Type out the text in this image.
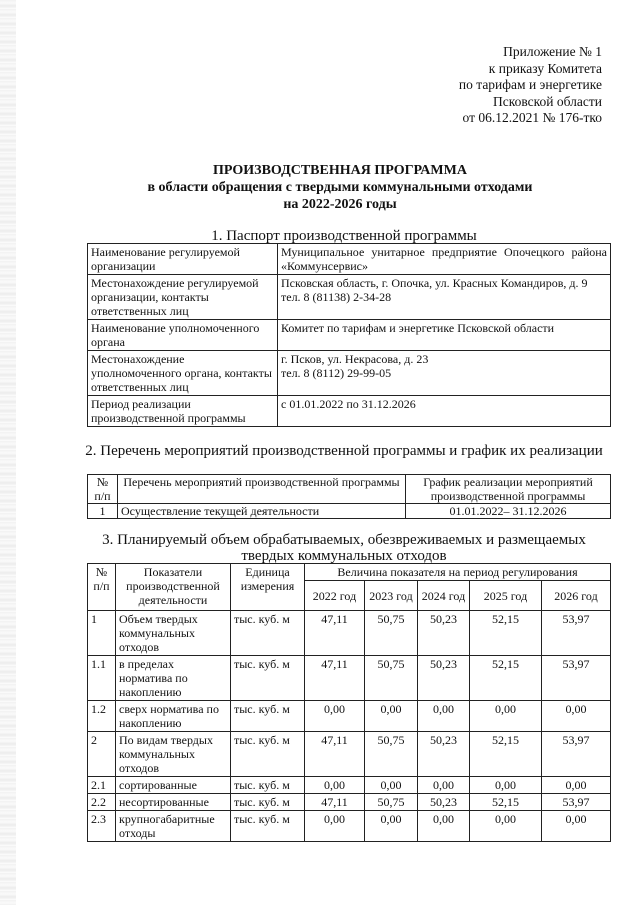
Приложение № 1
к приказу Комитета
по тарифам и энергетике
Псковской области
от 06.12.2021 № 176-тко
ПРОИЗВОДСТВЕННАЯ ПРОГРАММА
в области обращения с твердыми коммунальными отходами
на 2022-2026 годы
1. Паспорт производственной программы
Наименование регулируемой организации	Муниципальное унитарное предприятие Опочецкого района «Коммунсервис»
Местонахождение регулируемой организации, контакты ответственных лиц	Псковская область, г. Опочка, ул. Красных Командиров, д. 9
тел. 8 (81138) 2-34-28

Наименование уполномоченного органа	Комитет по тарифам и энергетике Псковской области
Местонахождение уполномоченного органа, контакты ответственных лиц	г. Псков, ул. Некрасова, д. 23
тел. 8 (8112) 29-99-05

Период реализации производственной программы	с 01.01.2022 по 31.12.2026
2. Перечень мероприятий производственной программы и график их реализации
№ п/п	Перечень мероприятий производственной программы	График реализации мероприятий производственной программы
1	Осуществление текущей деятельности	01.01.2022– 31.12.2026
3. Планируемый объем обрабатываемых, обезвреживаемых и размещаемых твердых коммунальных отходов
№ п/п	Показатели производственной деятельности	Единица измерения	Величина показателя на период регулирования				
			2022 год	2023 год	2024 год	2025 год	2026 год
1	Объем твердых коммунальных отходов	тыс. куб. м	47,11	50,75	50,23	52,15	53,97
1.1	в пределах норматива по накоплению	тыс. куб. м	47,11	50,75	50,23	52,15	53,97
1.2	сверх норматива по накоплению	тыс. куб. м	0,00	0,00	0,00	0,00	0,00
2	По видам твердых коммунальных отходов	тыс. куб. м	47,11	50,75	50,23	52,15	53,97
2.1	сортированные	тыс. куб. м	0,00	0,00	0,00	0,00	0,00
2.2	несортированные	тыс. куб. м	47,11	50,75	50,23	52,15	53,97
2.3	крупногабаритные отходы	тыс. куб. м	0,00	0,00	0,00	0,00	0,00
